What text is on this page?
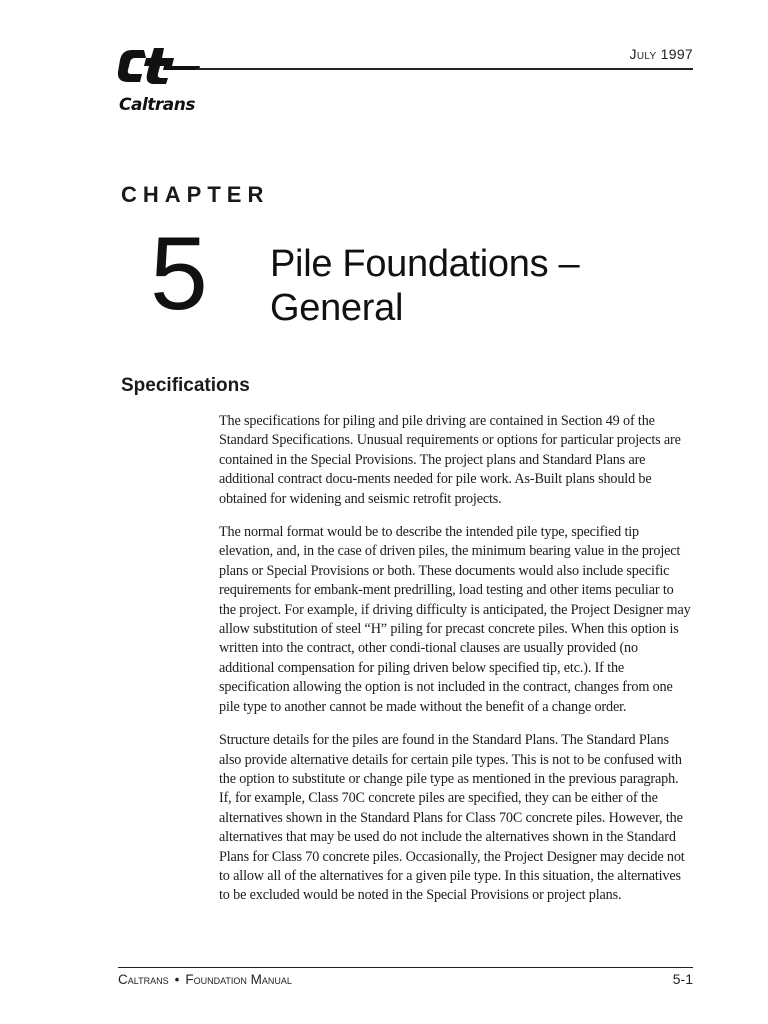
Caltrans
July 1997
CHAPTER
5 Pile Foundations –
General
Specifications

The specifications for piling and pile driving are contained in Section 49 of the Standard Specifications. Unusual requirements or options for particular projects are contained in the Special Provisions. The project plans and Standard Plans are additional contract docu-ments needed for pile work. As-Built plans should be obtained for widening and seismic retrofit projects.

The normal format would be to describe the intended pile type, specified tip elevation, and, in the case of driven piles, the minimum bearing value in the project plans or Special Provisions or both. These documents would also include specific requirements for embank-ment predrilling, load testing and other items peculiar to the project. For example, if driving difficulty is anticipated, the Project Designer may allow substitution of steel “H” piling for precast concrete piles. When this option is written into the contract, other condi-tional clauses are usually provided (no additional compensation for piling driven below specified tip, etc.). If the specification allowing the option is not included in the contract, changes from one pile type to another cannot be made without the benefit of a change order.

Structure details for the piles are found in the Standard Plans. The Standard Plans also provide alternative details for certain pile types. This is not to be confused with the option to substitute or change pile type as mentioned in the previous paragraph. If, for example, Class 70C concrete piles are specified, they can be either of the alternatives shown in the Standard Plans for Class 70C concrete piles. However, the alternatives that may be used do not include the alternatives shown in the Standard Plans for Class 70 concrete piles. Occasionally, the Project Designer may decide not to allow all of the alternatives for a given pile type. In this situation, the alternatives to be excluded would be noted in the Special Provisions or project plans.

Caltrans • Foundation Manual	5-1
